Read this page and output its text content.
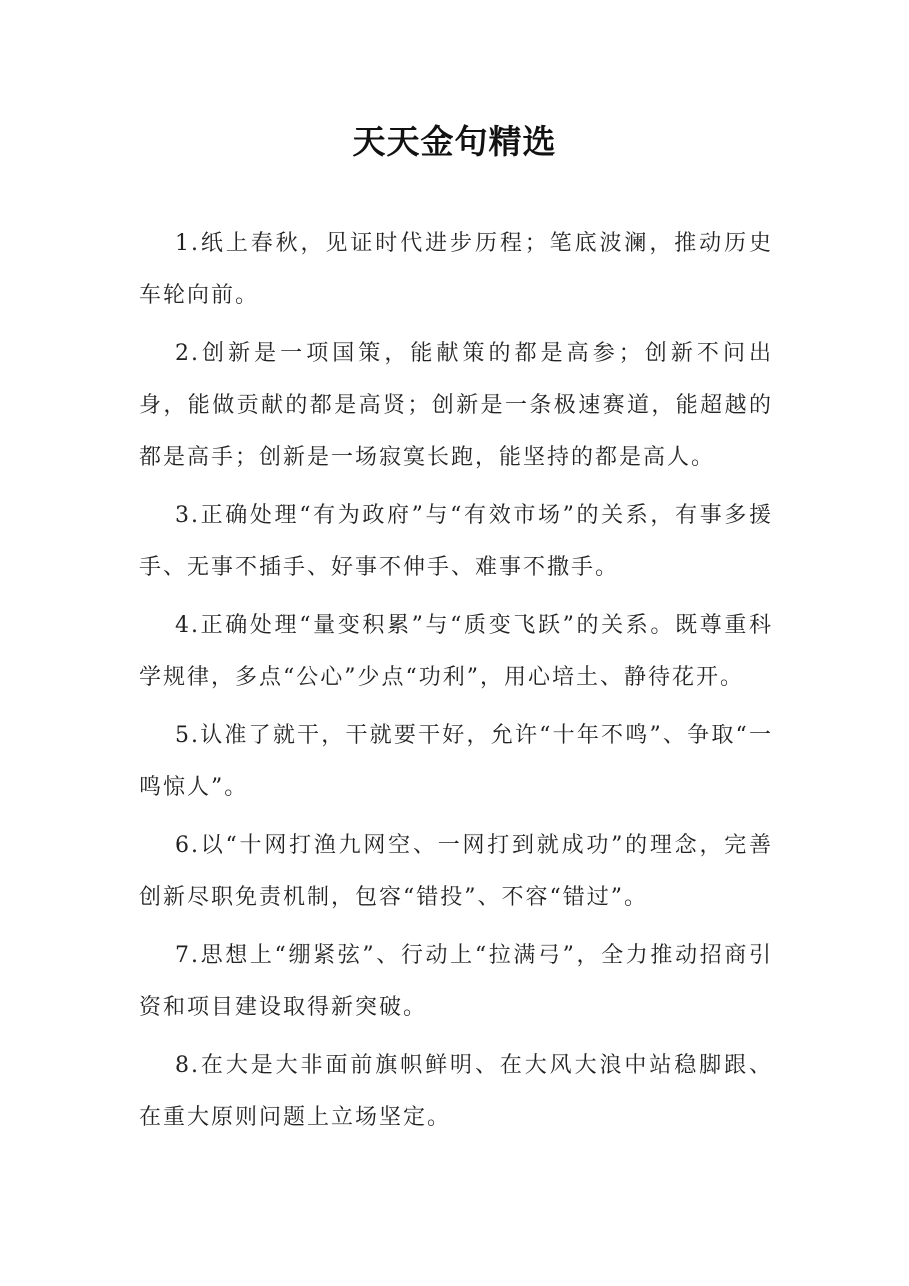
天天金句精选

1.纸上春秋，见证时代进步历程；笔底波澜，推动历史车轮向前。

2.创新是一项国策，能献策的都是高参；创新不问出身，能做贡献的都是高贤；创新是一条极速赛道，能超越的都是高手；创新是一场寂寞长跑，能坚持的都是高人。

3.正确处理“有为政府”与“有效市场”的关系，有事多援手、无事不插手、好事不伸手、难事不撒手。

4.正确处理“量变积累”与“质变飞跃”的关系。既尊重科学规律，多点“公心”少点“功利”，用心培土、静待花开。

5.认准了就干，干就要干好，允许“十年不鸣”、争取“一鸣惊人”。

6.以“十网打渔九网空、一网打到就成功”的理念，完善创新尽职免责机制，包容“错投”、不容“错过”。

7.思想上“绷紧弦”、行动上“拉满弓”，全力推动招商引资和项目建设取得新突破。

8.在大是大非面前旗帜鲜明、在大风大浪中站稳脚跟、在重大原则问题上立场坚定。
